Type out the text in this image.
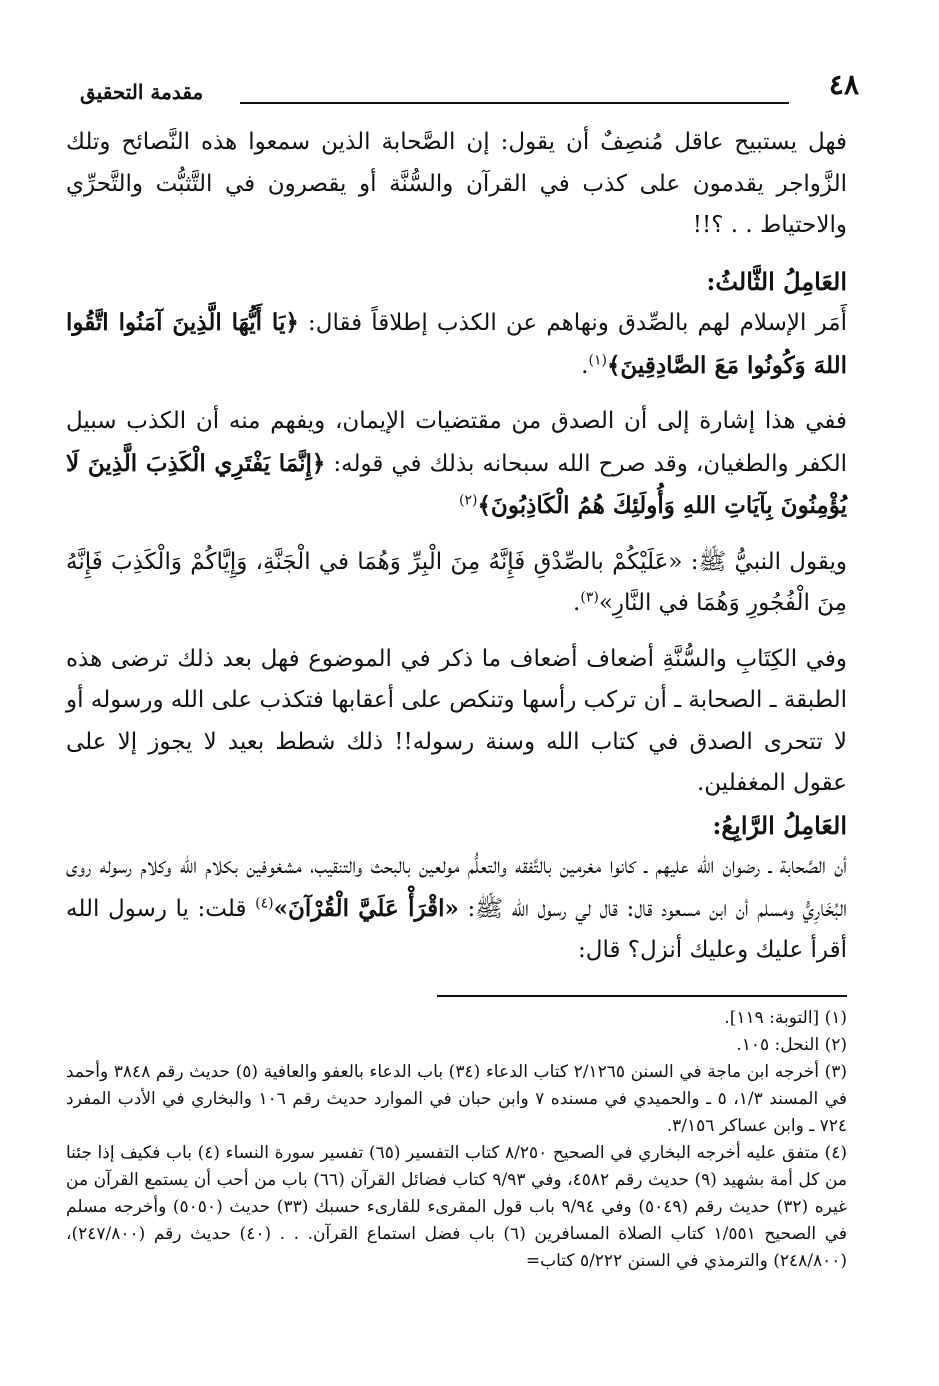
٤٨
مقدمة التحقيق

فهل يستبيح عاقل مُنصِفٌ أن يقول: إن الصَّحابة الذين سمعوا هذه النَّصائح وتلك الزَّواجر يقدمون على كذب في القرآن والسُّنَّة أو يقصرون في التَّثبُّت والتَّحرِّي والاحتياط . . ؟!!

العَامِلُ الثَّالثُ:

أَمَر الإسلام لهم بالصِّدق ونهاهم عن الكذب إطلاقاً فقال: ﴿يَا أَيُّهَا الَّذِينَ آمَنُوا اتَّقُوا اللهَ وَكُونُوا مَعَ الصَّادِقِينَ﴾$^{(١)}$.

ففي هذا إشارة إلى أن الصدق من مقتضيات الإيمان، ويفهم منه أن الكذب سبيل الكفر والطغيان، وقد صرح الله سبحانه بذلك في قوله: ﴿إِنَّمَا يَفْتَرِي الْكَذِبَ الَّذِينَ لَا يُؤْمِنُونَ بِآيَاتِ اللهِ وَأُولَئِكَ هُمُ الْكَاذِبُونَ﴾$^{(٢)}$

ويقول النبيُّ ﷺ: «عَلَيْكُمْ بالصِّدْقِ فَإِنَّهُ مِنَ الْبِرِّ وَهُمَا في الْجَنَّةِ، وَإِيَّاكُمْ وَالْكَذِبَ فَإِنَّهُ مِنَ الْفُجُورِ وَهُمَا في النَّارِ»$^{(٣)}$.

وفي الكِتَابِ والسُّنَّةِ أضعاف أضعاف ما ذكر في الموضوع فهل بعد ذلك ترضى هذه الطبقة ـ الصحابة ـ أن تركب رأسها وتنكص على أعقابها فتكذب على الله ورسوله أو لا تتحرى الصدق في كتاب الله وسنة رسوله!! ذلك شطط بعيد لا يجوز إلا على عقول المغفلين.

العَامِلُ الرَّابِعُ:

أن الصَّحابة ـ رضوان الله عليهم ـ كانوا مغرمين بالتَّفقه والتعلُّم مولعين بالبحث والتنقيب، مشغوفين بكلام الله وكلام رسوله روى البُخَارِيُّ ومسلم أن ابن مسعود قال: قال لي رسول الله ﷺ: «اقْرَأْ عَلَيَّ الْقُرْآنَ»$^{(٤)}$ قلت: يا رسول الله أقرأ عليك وعليك أنزل؟ قال:

(١) [التوبة: ١١٩].

(٢) النحل: ١٠٥.

(٣) أخرجه ابن ماجة في السنن ٢/١٢٦٥ كتاب الدعاء (٣٤) باب الدعاء بالعفو والعافية (٥) حديث رقم ٣٨٤٨ وأحمد في المسند ١/٣، ٥ ـ والحميدي في مسنده ٧ وابن حبان في الموارد حديث رقم ١٠٦ والبخاري في الأدب المفرد ٧٢٤ ـ وابن عساكر ٣/١٥٦.

(٤) متفق عليه أخرجه البخاري في الصحيح ٨/٢٥٠ كتاب التفسير (٦٥) تفسير سورة النساء (٤) باب فكيف إذا جئنا من كل أمة بشهيد (٩) حديث رقم ٤٥٨٢، وفي ٩/٩٣ كتاب فضائل القرآن (٦٦) باب من أحب أن يستمع القرآن من غيره (٣٢) حديث رقم (٥٠٤٩) وفي ٩/٩٤ باب قول المقرىء للقارىء حسبك (٣٣) حديث (٥٠٥٠) وأخرجه مسلم في الصحيح ١/٥٥١ كتاب الصلاة المسافرين (٦) باب فضل استماع القرآن. . . (٤٠) حديث رقم (٢٤٧/٨٠٠)، (٢٤٨/٨٠٠) والترمذي في السنن ٥/٢٢٢ كتاب=
